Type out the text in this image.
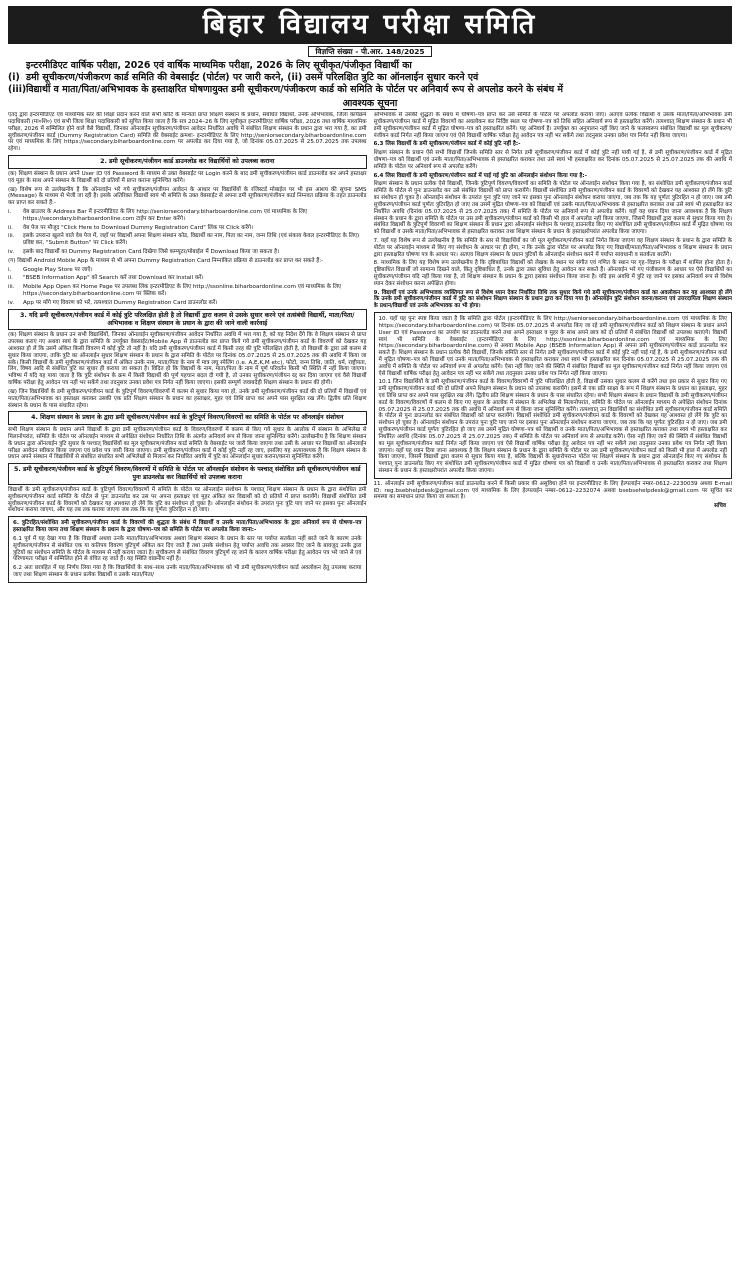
बिहार विद्यालय परीक्षा समिति
विज्ञप्ति संख्या - पी.आर. 148/2025
इन्टरमीडिएट वार्षिक परीक्षा, 2026 एवं वार्षिक माध्यमिक परीक्षा, 2026 के लिए सूचीकृत/पंजीकृत विद्यार्थी का
(i) डमी सूचीकरण/पंजीकरण कार्ड समिति की वेबसाईट (पोर्टल) पर जारी करने, (ii) उसमें परिलक्षित त्रुटि का ऑनलाईन सुधार करने एवं
(iii) विद्यार्थी व माता/पिता/अभिभावक के हस्ताक्षरित घोषणायुक्त डमी सूचीकरण/पंजीकरण कार्ड को समिति के पोर्टल पर अनिवार्य रूप से अपलोड करने के संबंध में
आवश्यक सूचना
एतद् द्वारा इन्टरमीडिएट एवं माध्यमिक स्तर की शिक्षा प्रदान करने वाले सभी कोटि के मान्यता प्राप्त शिक्षण संस्थान के प्रधान, संबंधित विद्यार्थी, उनके अभिभावक, जिला कार्यक्रम पदाधिकारी (मा०शि०) एवं सभी जिला शिक्षा पदाधिकारी को सूचित किया जाता है कि सत्र 2024–26 के लिए सूचीकृत इन्टरमीडिएट वार्षिक परीक्षा, 2026 तथा वार्षिक माध्यमिक परीक्षा, 2026 में सम्मिलित होने वाले वैसे विद्यार्थी, जिनका ऑनलाईन सूचीकरण/पंजीयन आवेदन निर्धारित अवधि में संबंधित शिक्षण संस्थान के प्रधान द्वारा भरा गया है, का डमी सूचीकरण/पंजीयन कार्ड (Dummy Registration Card) समिति की वेबसाईट क्रमशः- इन्टरमीडिएट के लिए http://seniorsecondary.biharboardonline.com पर एवं माध्यमिक के लिए https://secondary.biharboardonline.com पर अपलोड कर दिया गया है, जो दिनांक 05.07.2025 से 25.07.2025 तक उपलब्ध रहेगा।
2. डमी सूचीकरण/पंजीयन कार्ड डाउनलोड कर विद्यार्थियों को उपलब्ध कराना
(क) शिक्षण संस्थान के प्रधान अपने User ID एवं Password के माध्यम से उक्त वेबसाईट पर Login करने के बाद डमी सूचीकरण/पंजीयन कार्ड डाउनलोड कर अपने हस्ताक्षर एवं मुहर के साथ अपने संस्थान के विद्यार्थी को दो प्रतियों में प्राप्त कराना सुनिश्चित करेंगे।
(ख) विशेष रूप से उल्लेखनीय है कि ऑनलाईन भरे गये सूचीकरण/पंजीयन आवेदन के आधार पर विद्यार्थियों के रजिस्टर्ड मोबाईल पर भी इस आशय की सूचना SMS (Message) के माध्यम से भेजी जा रही है। इसके अतिरिक्त विद्यार्थी स्वयं भी समिति के उक्त वेबसाईट से अपना डमी सूचीकरण/पंजीयन कार्ड निम्नवत प्रक्रिया के तहत डाउनलोड कर प्राप्त कर सकते हैं:-
i.	वेब ब्राउजर के Address Bar में इन्टरमीडिएट के लिए http://seniorsecondary.biharboardonline.com एवं माध्यमिक के लिए https://secondary.biharboardonline.com टाईप कर Enter करेंगे।
ii.	वेब पेज पर मौजूद "Click Here to Download Dummy Registration Card" लिंक पर Click करेंगे।
iii.	इसके उपरान्त खुलने वाले वेब पेज में, जहाँ पर विद्यार्थी अपना शिक्षण संस्थान कोड, विद्यार्थी का नाम, पिता का नाम, जन्म तिथि (एवं संकाय केवल इन्टरमीडिएट के लिए) प्रविष्ट कर, "Submit Button" पर Click करेंगे।
iv.	इसके बाद विद्यार्थी का Dummy Registration Card दिखेगा जिसे कम्प्यूटर/मोबाईल में Download किया जा सकता है।
(ग) विद्यार्थी Android Mobile App के माध्यम से भी अपना Dummy Registration Card निम्नांकित प्रक्रिया से डाउनलोड कर प्राप्त कर सकते हैं:-
i.	Google Play Store पर जाएँ।
ii.	"BSEB Information App" को Search करें तथा Download कर Install करें।
iii.	Mobile App Open कर Home Page पर उपलब्ध लिंक इन्टरमीडिएट के लिए http://ssonline.biharboardonline.com एवं माध्यमिक के लिए https://secondary.biharboardonline.com पर क्लिक करें।
iv.	App पर माँगे गए विवरण को भरें, तत्पश्चात Dummy Registration Card डाउनलोड करें।
3. यदि डमी सूचीकरण/पंजीयन कार्ड में कोई त्रुटि परिलक्षित होती है तो विद्यार्थी द्वारा कलम से उसके सुधार करने एवं तत्संबंधी विद्यार्थी, माता/पिता/अभिभावक व शिक्षण संस्थान के प्रधान के द्वारा की जाने वाली कार्रवाई
(क) शिक्षण संस्थान के प्रधान उन सभी विद्यार्थियों, जिनका ऑनलाईन सूचीकरण/पंजीयन आवेदन निर्धारित अवधि में भरा गया है, को यह निदेश देंगे कि वे शिक्षण संस्थान से प्राप्त उपलब्ध कराए गए अथवा स्वयं के द्वारा समिति के उपर्युक्त वेबसाईट/Mobile App से डाउनलोड कर प्राप्त किये गये डमी सूचीकरण/पंजीयन कार्ड के विवरणों को देखकर यह आश्वस्त हो लें कि उसमें अंकित किसी विवरण में कोई त्रुटि तो नहीं है। यदि डमी सूचीकरण/पंजीयन कार्ड में किसी तरह की त्रुटि परिलक्षित होती है, तो विद्यार्थी के द्वारा उसे कलम से सुधार किया जाएगा, ताकि त्रुटि का ऑनलाईन सुधार शिक्षण संस्थान के प्रधान के द्वारा समिति के पोर्टल पर दिनांक 05.07.2025 से 25.07.2025 तक की अवधि में किया जा सके। किसी विद्यार्थी के डमी सूचीकरण/पंजीयन कार्ड में अंकित उनके नाम, माता/पिता के नाम में मात्र लघु स्पेलिंग (i.e. A,E,K,M etc), फोटो, जन्म तिथि, जाति, धर्म, राष्ट्रीयता, लिंग, विषय आदि से संबंधित त्रुटि का सुधार ही कराया जा सकता है। विदित हो कि विद्यार्थी के नाम, माता/पिता के नाम में पूर्ण परिवर्तन किसी भी स्थिति में नहीं किया जाएगा। भविष्य में यदि यह पाया जाता है कि त्रुटि संशोधन के क्रम में किसी विद्यार्थी की पूर्ण पहचान बदल दी गयी है, तो उनका सूचीकरण/पंजीयन रद्द कर दिया जाएगा एवं वैसे विद्यार्थी वार्षिक परीक्षा हेतु आवेदन पत्र नहीं भर सकेंगे तथा तदनुसार उनका प्रवेश पत्र निर्गत नहीं किया जाएगा। इसकी सम्पूर्ण जवाबदेही शिक्षण संस्थान के प्रधान की होगी।
(ख) जिन विद्यार्थियों के डमी सूचीकरण/पंजीयन कार्ड के त्रुटिपूर्ण विवरण/विवरणों में कलम से सुधार किया गया हो, उनके डमी सूचीकरण/पंजीयन कार्ड की दो प्रतियों में विद्यार्थी एवं माता/पिता/अभिभावक का हस्ताक्षर कराकर उसकी एक प्रति शिक्षण संस्थान के प्रधान का हस्ताक्षर, मुहर एवं तिथि प्राप्त कर अपने पास सुरक्षित रख लेंगे। द्वितीय प्रति शिक्षण संस्थान के प्रधान के पास संधारित रहेगा।
4. शिक्षण संस्थान के प्रधान के द्वारा डमी सूचीकरण/पंजीयन कार्ड के त्रुटिपूर्ण विवरण/विवरणों का समिति के पोर्टल पर ऑनलाईन संशोधन
सभी शिक्षण संस्थान के प्रधान अपने विद्यार्थी के द्वारा डमी सूचीकरण/पंजीयन कार्ड के विवरण/विवरणों में कलम से किए गये सुधार के आलोक में संस्थान के अभिलेख से मिलानोपरांत, समिति के पोर्टल पर ऑनलाईन माध्यम से अपेक्षित संशोधन निर्धारित तिथि के अंतर्गत अनिवार्य रूप से किया जाना सुनिश्चित करेंगे। उल्लेखनीय है कि शिक्षण संस्थान के प्रधान द्वारा ऑनलाईन त्रुटि सुधार के पश्चात् विद्यार्थियों का मूल सूचीकरण/पंजीयन कार्ड समिति के वेबसाईट पर जारी किया जाएगा तथा उसी के आधार पर विद्यार्थी का ऑनलाईन परीक्षा आवेदन स्वीकार किया जाएगा एवं प्रवेश पत्र जारी किया जाएगा। डमी सूचीकरण/पंजीयन कार्ड में कोई त्रुटि नहीं रह जाए, इसलिए यह अत्यावश्यक है कि शिक्षण संस्थान के प्रधान अपने संस्थान में विद्यार्थियों से संबंधित संधारित सभी अभिलेखों से मिलान कर निर्धारित अवधि में त्रुटि का ऑनलाईन सुधार कराना/करना सुनिश्चित करेंगे।
5. डमी सूचीकरण/पंजीयन कार्ड के त्रुटिपूर्ण विवरण/विवरणों में समिति के पोर्टल पर ऑनलाईन संशोधन के पश्चात् संशोधित डमी सूचीकरण/पंजीयन कार्ड पुनः डाउनलोड कर विद्यार्थियों को उपलब्ध कराना
विद्यार्थी के डमी सूचीकरण/पंजीयन कार्ड के त्रुटिपूर्ण विवरण/विवरणों में समिति के पोर्टल पर ऑनलाईन संशोधन के पश्चात् शिक्षण संस्थान के प्रधान के द्वारा संशोधित डमी सूचीकरण/पंजीयन कार्ड समिति के पोर्टल से पुनः डाउनलोड कर उस पर अपना हस्ताक्षर एवं मुहर अंकित कर विद्यार्थी को दो प्रतियों में प्राप्त करायेंगे। विद्यार्थी संशोधित डमी सूचीकरण/पंजीयन कार्ड के विवरणों को देखकर यह आश्वस्त हो लेंगे कि त्रुटि का संशोधन हो चुका है। ऑनलाईन संशोधन के उपरांत पुनः त्रुटि पाए जाने पर इसका पुनः ऑनलाईन संशोधन कराया जाएगा, और यह तब तक कराया जाएगा जब तक कि यह पूर्णतः त्रुटिरहित न हो जाए।
6. त्रुटिरहित/संशोधित डमी सूचीकरण/पंजीयन कार्ड के विवरणों की शुद्धता के संबंध में विद्यार्थी व उसके माता/पिता/अभिभावक के द्वारा अनिवार्य रूप से घोषणा–पत्र हस्ताक्षरित किया जाना तथा शिक्षण संस्थान के प्रधान के द्वारा घोषणा–पत्र को समिति के पोर्टल पर अपलोड किया जाना:-
6.1 पूर्व में यह देखा गया है कि विद्यार्थी अथवा उनके माता/पिता/अभिभावक अथवा शिक्षण संस्थान के प्रधान के स्तर पर पर्याप्त सतर्कता नहीं बरते जाने के कारण उनके सूचीकरण/पंजीयन से संबंधित एक या कतिपय विवरण त्रुटिपूर्ण अंकित कर दिए जाते हैं तथा उसके संशोधन हेतु पर्याप्त अवधि तक अवसर दिए जाने के बावजूद उनके द्वारा त्रुटियों का संशोधन समिति के पोर्टल के माध्यम से नहीं कराया जाता है। सूचीकरण से संबंधित विवरण त्रुटिपूर्ण रह जाने के कारण वार्षिक परीक्षा हेतु आवेदन पत्र भरे जाने से एवं परिणामतः परीक्षा में सम्मिलित होने से वंचित रह जाते हैं। यह स्थिति वांछनीय नहीं है।
6.2 अतः छात्रहित में यह निर्णय लिया गया है कि विद्यार्थियों के साथ–साथ उनके माता/पिता/अभिभावक को भी डमी सूचीकरण/पंजीयन कार्ड अवलोकन हेतु उपलब्ध कराया जाए तथा शिक्षण संस्थान के प्रधान प्रत्येक विद्यार्थी व उसके माता/पिता/
अभिभावक से उसकी शुद्धता के संबंध में घोषणा–पत्र प्राप्त कर उसे समिति के पोर्टल पर अपलोड कराया जाए। अतएव प्रत्येक विद्यार्थी व उसके माता/पिता/अभिभावक डमी सूचीकरण/पंजीयन कार्ड में मुद्रित विवरणों का अवलोकन कर निर्दिष्ट स्थल पर घोषणा–पत्र को तिथि सहित अनिवार्य रूप से हस्ताक्षरित करेंगे। तत्पश्चात् शिक्षण संस्थान के प्रधान भी डमी सूचीकरण/पंजीयन कार्ड में मुद्रित घोषणा–पत्र को हस्ताक्षरित करेंगे। यह अनिवार्य है। उपर्युक्त का अनुपालन नहीं किए जाने के फलस्वरूप संबंधित विद्यार्थी का मूल सूचीकरण/पंजीयन कार्ड निर्गत नहीं किया जाएगा एवं ऐसे विद्यार्थी वार्षिक परीक्षा हेतु आवेदन पत्र नहीं भर सकेंगे तथा तदनुसार उनका प्रवेश पत्र निर्गत नहीं किया जाएगा।
6.3 जिस विद्यार्थी के डमी सूचीकरण/पंजीयन कार्ड में कोई त्रुटि नहीं है:-
शिक्षण संस्थान के प्रधान ऐसे सभी विद्यार्थी जिनके समिति स्तर से निर्गत डमी सूचीकरण/पंजीयन कार्ड में कोई त्रुटि नहीं पायी गई है, से डमी सूचीकरण/पंजीयन कार्ड में मुद्रित घोषणा–पत्र को विद्यार्थी एवं उनके माता/पिता/अभिभावक से हस्ताक्षरित कराकर तथा उसे स्वयं भी हस्ताक्षरित कर दिनांक 05.07.2025 से 25.07.2025 तक की अवधि में समिति के पोर्टल पर अनिवार्य रूप से अपलोड करेंगे।
6.4 जिस विद्यार्थी के डमी सूचीकरण/पंजीयन कार्ड में पाई गई त्रुटि का ऑनलाईन संशोधन किया गया है:-
शिक्षण संस्थान के प्रधान प्रत्येक ऐसे विद्यार्थी, जिनके त्रुटिपूर्ण विवरण/विवरणों का समिति के पोर्टल पर ऑनलाईन संशोधन किया गया है, का संशोधित डमी सूचीकरण/पंजीयन कार्ड समिति के पोर्टल से पुनः डाउनलोड कर उसे संबंधित विद्यार्थी को प्राप्त करायेंगे। विद्यार्थी संशोधित डमी सूचीकरण/पंजीयन कार्ड के विवरणों को देखकर यह आश्वस्त हो लेंगे कि त्रुटि का संशोधन हो चुका है। ऑनलाईन संशोधन के उपरांत पुनः त्रुटि पाए जाने पर इसका पुनः ऑनलाईन संशोधन कराया जाएगा, जब तक कि यह पूर्णतः त्रुटिरहित न हो जाए। जब डमी सूचीकरण/पंजीयन कार्ड पूर्णतः त्रुटिरहित हो जाए तब उसमें मुद्रित घोषणा–पत्र को विद्यार्थी एवं उसके माता/पिता/अभिभावक से हस्ताक्षरित कराकर तथा उसे स्वयं भी हस्ताक्षरित कर निर्धारित अवधि (दिनांक 05.07.2025 से 25.07.2025 तक) में समिति के पोर्टल पर अनिवार्य रूप से अपलोड करेंगे। यहाँ यह ध्यान दिया जाना आवश्यक है कि शिक्षण संस्थान के प्रधान के द्वारा समिति के पोर्टल पर उस डमी सूचीकरण/पंजीयन कार्ड को किसी भी हाल में अपलोड नहीं किया जाएगा, जिसमें विद्यार्थी द्वारा कलम से सुधार किया गया है। संबंधित विद्यार्थी के त्रुटिपूर्ण विवरणों का शिक्षण संस्थान के प्रधान द्वारा ऑनलाईन संशोधन के पश्चात् डाउनलोड किए गए संशोधित डमी सूचीकरण/पंजीयन कार्ड में मुद्रित घोषणा पत्र को विद्यार्थी व उसके माता/पिता/अभिभावक से हस्ताक्षरित कराकर तथा शिक्षण संस्थान के प्रधान के हस्ताक्षरोपरांत अपलोड किया जाएगा।
7. यहाँ यह विशेष रूप से उल्लेखनीय है कि समिति के स्तर से विद्यार्थियों का जो मूल सूचीकरण/पंजीयन कार्ड निर्गत किया जाएगा वह शिक्षण संस्थान के प्रधान के द्वारा समिति के पोर्टल पर ऑनलाईन माध्यम से किए गए संशोधन के आधार पर ही होगा, न कि उनके द्वारा पोर्टल पर अपलोड किए गए विद्यार्थी/माता/पिता/अभिभावक व शिक्षण संस्थान के प्रधान द्वारा हस्ताक्षरित घोषणा पत्र के आधार पर। अतएव शिक्षण संस्थान के प्रधान त्रुटियों के ऑनलाईन संशोधन करने में पर्याप्त सावधानी व सतर्कता बरतेंगे।
8. माध्यमिक के लिए यह विशेष रूप उल्लेखनीय है कि दृष्टिबाधित विद्यार्थी को लेखक के स्थान पर संगीत एवं गणित के स्थान पर गृह–विज्ञान के परीक्षा में शामिल होना होता है। दृष्टिबाधित विद्यार्थी जो सामान्य दिखने वाले, किंतु दृष्टिबाधित हैं, उनके द्वारा उक्त सुविधा हेतु आवेदन कर सकते हैं। ऑनलाईन भरे गए पंजीकरण के आधार पर ऐसे विद्यार्थियों का सूचीकरण/पंजीयन यदि नहीं किया गया है, तो शिक्षण संस्थान के प्रधान के द्वारा इसका संशोधन किया जाना है। यदि इस अवधि में त्रुटि रह जाने पर इसका अनिवार्य रूप से विशेष ध्यान देकर संशोधन करना अपेक्षित होगा।
9. विद्यार्थी एवं उनके अभिभावक व्यक्तिगत रूप से विशेष ध्यान देकर निर्धारित तिथि तक सुधार किये गये डमी सूचीकरण/पंजीयन कार्ड का अवलोकन कर यह आश्वस्त हो लेंगे कि उनके डमी सूचीकरण/पंजीयन कार्ड में त्रुटि का संशोधन शिक्षण संस्थान के प्रधान द्वारा कर दिया गया है। ऑनलाईन त्रुटि संशोधन करना/कराना एवं उत्तरदायित्व शिक्षण संस्थान के प्रधान/विद्यार्थी एवं उनके अभिभावक का भी होगा।
10. यहाँ यह पुनः स्पष्ट किया जाता है कि समिति द्वारा पोर्टल (इन्टरमीडिएट के लिए http://seniorsecondary.biharboardonline.com एवं माध्यमिक के लिए https://secondary.biharboardonline.com) पर दिनांक 05.07.2025 से अपलोड किए जा रहे डमी सूचीकरण/पंजीयन कार्ड को शिक्षण संस्थान के प्रधान अपने User ID एवं Password का उपयोग कर डाउनलोड करने तथा अपने हस्ताक्षर व मुहर के साथ अपने छात्र को दो प्रतियों में संबंधित विद्यार्थी को उपलब्ध कराएंगे। विद्यार्थी स्वयं भी समिति के वेबसाईट (इन्टरमीडिएट के लिए http://ssonline.biharboardonline.com एवं माध्यमिक के लिए https://secondary.biharboardonline.com) से अथवा Mobile App (BSEB Information App) से अपना डमी सूचीकरण/पंजीयन कार्ड डाउनलोड कर सकते हैं। शिक्षण संस्थान के प्रधान प्रत्येक वैसे विद्यार्थी, जिनके समिति स्तर से निर्गत डमी सूचीकरण/पंजीयन कार्ड में कोई त्रुटि नहीं पाई गई है, के डमी सूचीकरण/पंजीयन कार्ड में मुद्रित घोषणा–पत्र को विद्यार्थी एवं उनके माता/पिता/अभिभावक से हस्ताक्षरित कराकर तथा स्वयं भी हस्ताक्षरित कर दिनांक 05.07.2025 से 25.07.2025 तक की अवधि में समिति के पोर्टल पर अनिवार्य रूप से अपलोड करेंगे। ऐसा नहीं किए जाने की स्थिति में संबंधित विद्यार्थी का मूल सूचीकरण/पंजीयन कार्ड निर्गत नहीं किया जाएगा एवं ऐसे विद्यार्थी वार्षिक परीक्षा हेतु आवेदन पत्र नहीं भर सकेंगे तथा तदनुसार उनका प्रवेश पत्र निर्गत नहीं किया जाएगा।
10.1 जिन विद्यार्थियों के डमी सूचीकरण/पंजीयन कार्ड के विवरण/विवरणों में त्रुटि परिलक्षित होती है, विद्यार्थी उसका सुधार कलम से करेंगे तथा इस प्रकार से सुधार किए गए डमी सूचीकरण/पंजीयन कार्ड की दो प्रतियों अपने शिक्षण संस्थान के प्रधान को उपलब्ध करायेंगे। इसमें से एक प्रति साक्ष्य के रूप में शिक्षण संस्थान के प्रधान का हस्ताक्षर, मुहर एवं तिथि प्राप्त कर अपने पास सुरक्षित रख लेंगे। द्वितीय प्रति शिक्षण संस्थान के प्रधान के पास संधारित रहेगा। सभी शिक्षण संस्थान के प्रधान विद्यार्थी के डमी सूचीकरण/पंजीयन कार्ड के विवरण/विवरणों में कलम से किए गए सुधार के आलोक में संस्थान के अभिलेख से मिलानोपरांत, समिति के पोर्टल पर ऑनलाईन माध्यम से अपेक्षित संशोधन दिनांक 05.07.2025 से 25.07.2025 तक की अवधि में अनिवार्य रूप से किया जाना सुनिश्चित करेंगे। तत्पश्चात् उन विद्यार्थियों का संशोधित डमी सूचीकरण/पंजीयन कार्ड समिति के पोर्टल से पुनः डाउनलोड कर संबंधित विद्यार्थी को प्राप्त करायेंगे। विद्यार्थी संशोधित डमी सूचीकरण/पंजीयन कार्ड के विवरणों को देखकर यह आश्वस्त हो लेंगे कि त्रुटि का संशोधन हो चुका है। ऑनलाईन संशोधन के उपरांत पुनः त्रुटि पाए जाने पर इसका पुनः ऑनलाईन संशोधन कराया जाएगा, जब तक कि यह पूर्णतः त्रुटिरहित न हो जाए। जब डमी सूचीकरण/पंजीयन कार्ड पूर्णतः त्रुटिरहित हो जाए तब उसमें मुद्रित घोषणा–पत्र को विद्यार्थी व उनके माता/पिता/अभिभावक से हस्ताक्षरित कराकर तथा स्वयं भी हस्ताक्षरित कर निर्धारित अवधि (दिनांक 05.07.2025 से 25.07.2025 तक) में समिति के पोर्टल पर अनिवार्य रूप से अपलोड करेंगे। ऐसा नहीं किए जाने की स्थिति में संबंधित विद्यार्थी का मूल सूचीकरण/पंजीयन कार्ड निर्गत नहीं किया जाएगा एवं ऐसे विद्यार्थी वार्षिक परीक्षा हेतु आवेदन पत्र नहीं भर सकेंगे तथा तदनुसार उनका प्रवेश पत्र निर्गत नहीं किया जाएगा। यहाँ यह ध्यान दिया जाना आवश्यक है कि शिक्षण संस्थान के प्रधान के द्वारा समिति के पोर्टल पर उस डमी सूचीकरण/पंजीयन कार्ड को किसी भी हाल में अपलोड नहीं किया जाएगा, जिसमें विद्यार्थी द्वारा कलम से सुधार किया गया है, बल्कि विद्यार्थी के सुधारोपरान्त पोर्टल पर शिक्षण संस्थान के प्रधान द्वारा ऑनलाईन किए गए संशोधन के पश्चात् पुनः डाउनलोड किए गए संशोधित डमी सूचीकरण/पंजीयन कार्ड में मुद्रित घोषणा पत्र को विद्यार्थी व उनके माता/पिता/अभिभावक से हस्ताक्षरित कराकर तथा शिक्षण संस्थान के प्रधान के हस्ताक्षरोपरांत अपलोड किया जाएगा।
11. ऑनलाईन डमी सूचीकरण/पंजीयन कार्ड डाउनलोड करने में किसी प्रकार की असुविधा होने पर इन्टरमीडिएट के लिए हेल्पलाईन नम्बर–0612–2230039 अथवा E-mail ID: reg.bsebhelpdesk@gmail.com एवं माध्यमिक के लिए हेल्पलाईन नम्बर–0612–2232074 अथवा bsebsehelpdesk@gmail.com पर सूचित कर समस्या का समाधान प्राप्त किया जा सकता है।
सचिव
